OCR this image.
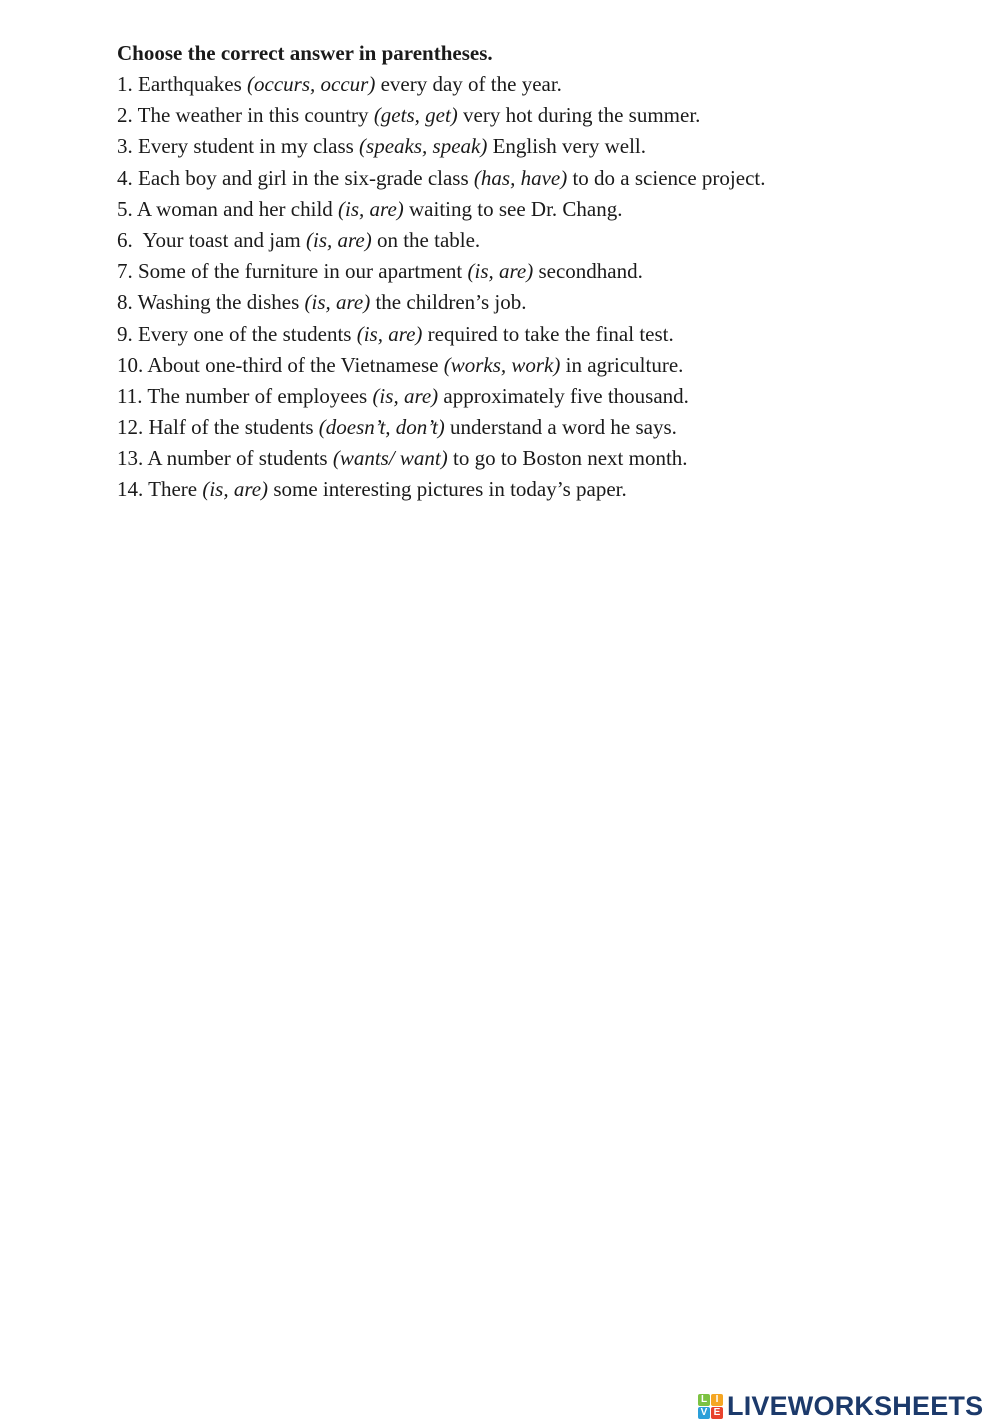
Choose the correct answer in parentheses.
1. Earthquakes (occurs, occur) every day of the year.
2. The weather in this country (gets, get) very hot during the summer.
3. Every student in my class (speaks, speak) English very well.
4. Each boy and girl in the six-grade class (has, have) to do a science project.
5. A woman and her child (is, are) waiting to see Dr. Chang.
6.  Your toast and jam (is, are) on the table.
7. Some of the furniture in our apartment (is, are) secondhand.
8. Washing the dishes (is, are) the children’s job.
9. Every one of the students (is, are) required to take the final test.
10. About one-third of the Vietnamese (works, work) in agriculture.
11. The number of employees (is, are) approximately five thousand.
12. Half of the students (doesn’t, don’t) understand a word he says.
13. A number of students (wants/ want) to go to Boston next month.
14. There (is, are) some interesting pictures in today’s paper.
L I
V E LIVEWORKSHEETS
